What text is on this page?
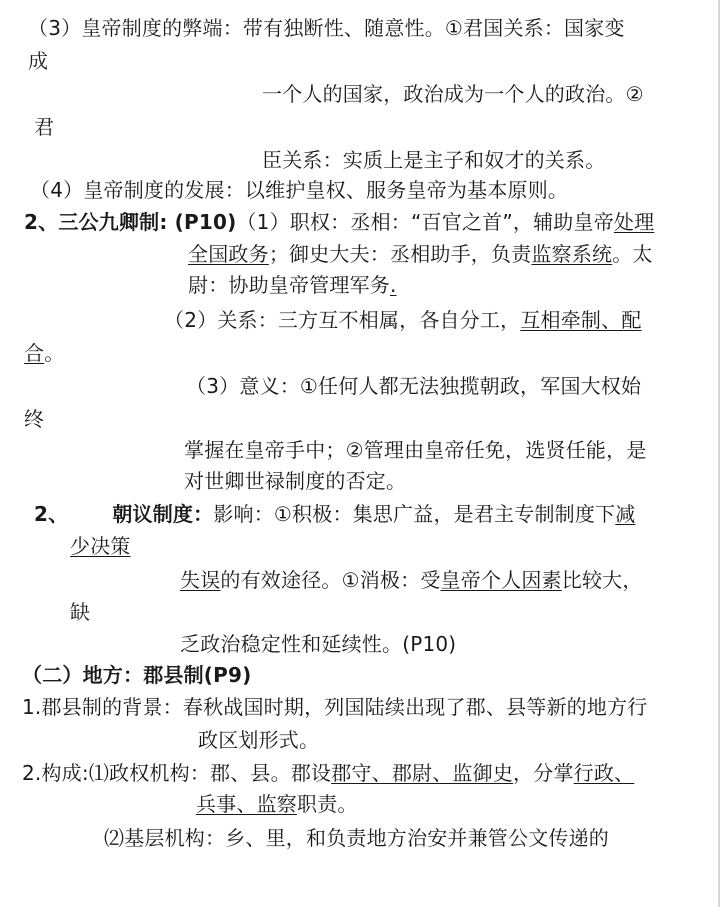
（3）皇帝制度的弊端：带有独断性、随意性。①君国关系：国家变
成
一个人的国家，政治成为一个人的政治。②
君
臣关系：实质上是主子和奴才的关系。
（4）皇帝制度的发展：以维护皇权、服务皇帝为基本原则。
2、三公九卿制: (P10)（1）职权：丞相：“百官之首”，辅助皇帝处理
全国政务；御史大夫：丞相助手，负责监察系统。太
尉：协助皇帝管理军务.
（2）关系：三方互不相属，各自分工，互相牵制、配
合。
（3）意义：①任何人都无法独揽朝政，军国大权始
终
掌握在皇帝手中；②管理由皇帝任免，选贤任能，是
对世卿世禄制度的否定。
2、 朝议制度：影响：①积极：集思广益，是君主专制制度下减
少决策
失误的有效途径。①消极：受皇帝个人因素比较大，
缺
乏政治稳定性和延续性。(P10)
（二）地方：郡县制(P9)
1.郡县制的背景：春秋战国时期，列国陆续出现了郡、县等新的地方行
政区划形式。
2.构成:⑴政权机构：郡、县。郡设郡守、郡尉、监御史，分掌行政、
兵事、监察职责。
⑵基层机构：乡、里，和负责地方治安并兼管公文传递的
